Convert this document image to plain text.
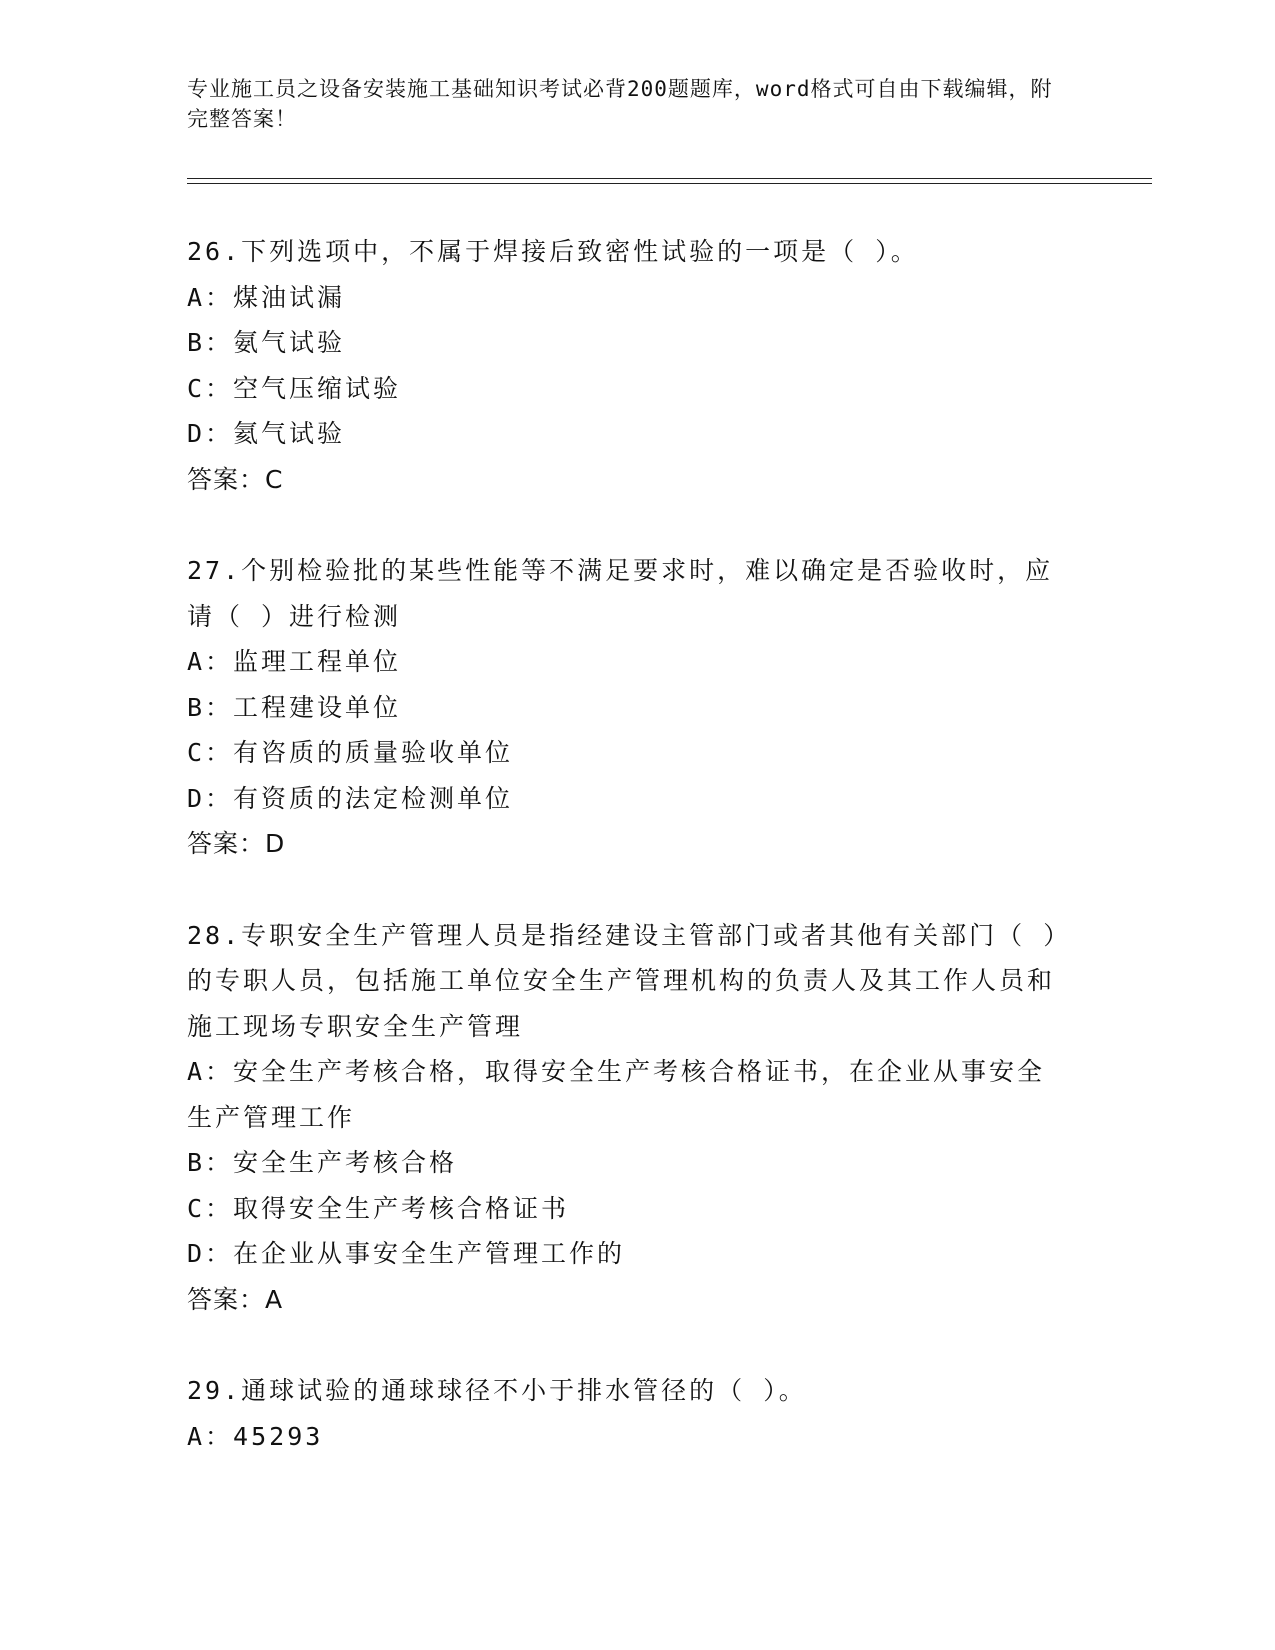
专业施工员之设备安装施工基础知识考试必背200题题库，word格式可自由下载编辑，附完整答案！
26.下列选项中，不属于焊接后致密性试验的一项是（ ）。
A：煤油试漏
B：氨气试验
C：空气压缩试验
D：氦气试验
答案：C
27.个别检验批的某些性能等不满足要求时，难以确定是否验收时，应请（ ）进行检测
A：监理工程单位
B：工程建设单位
C：有咨质的质量验收单位
D：有资质的法定检测单位
答案：D
28.专职安全生产管理人员是指经建设主管部门或者其他有关部门（ ）的专职人员，包括施工单位安全生产管理机构的负责人及其工作人员和施工现场专职安全生产管理
A：安全生产考核合格，取得安全生产考核合格证书，在企业从事安全生产管理工作
B：安全生产考核合格
C：取得安全生产考核合格证书
D：在企业从事安全生产管理工作的
答案：A
29.通球试验的通球球径不小于排水管径的（ ）。
A：45293
